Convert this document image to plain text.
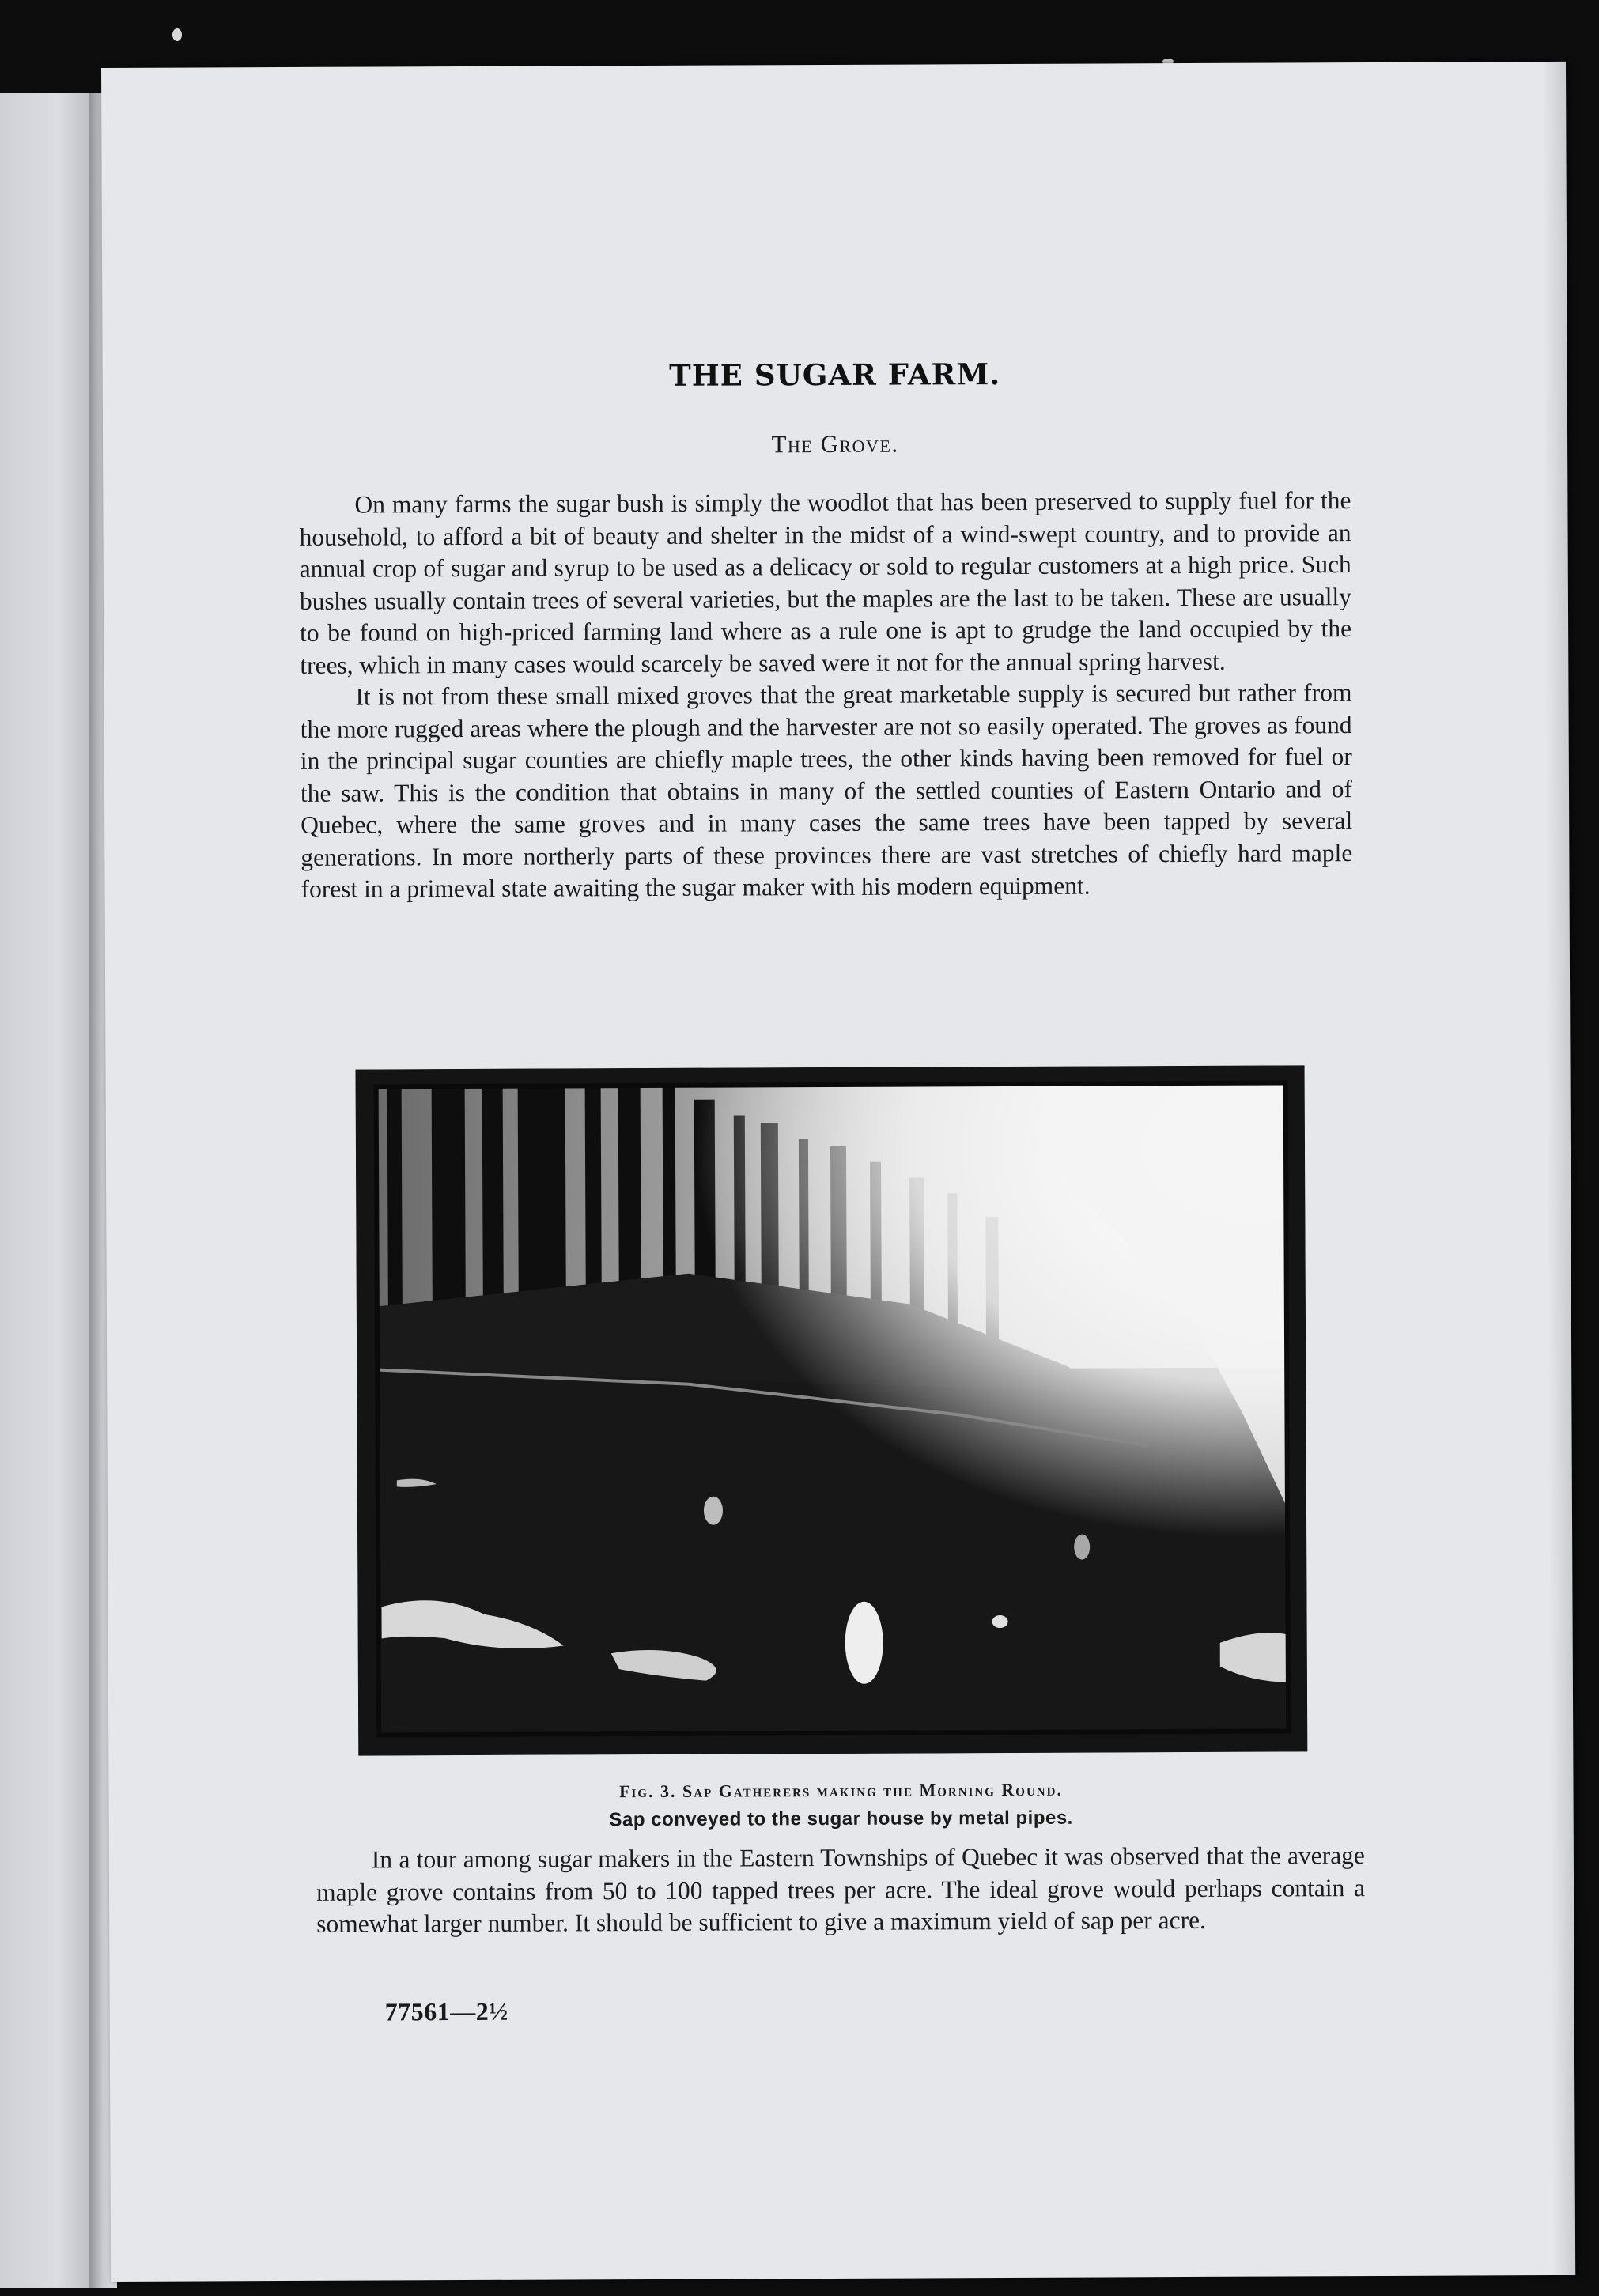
THE SUGAR FARM.
The Grove.

On many farms the sugar bush is simply the woodlot that has been preserved to supply fuel for the household, to afford a bit of beauty and shelter in the midst of a wind-swept country, and to provide an annual crop of sugar and syrup to be used as a delicacy or sold to regular customers at a high price. Such bushes usually contain trees of several varieties, but the maples are the last to be taken. These are usually to be found on high-priced farming land where as a rule one is apt to grudge the land occupied by the trees, which in many cases would scarcely be saved were it not for the annual spring harvest.

It is not from these small mixed groves that the great marketable supply is secured but rather from the more rugged areas where the plough and the harvester are not so easily operated. The groves as found in the principal sugar counties are chiefly maple trees, the other kinds having been removed for fuel or the saw. This is the condition that obtains in many of the settled counties of Eastern Ontario and of Quebec, where the same groves and in many cases the same trees have been tapped by several generations. In more northerly parts of these provinces there are vast stretches of chiefly hard maple forest in a primeval state awaiting the sugar maker with his modern equipment.

Fig. 3. Sap Gatherers making the Morning Round.
Sap conveyed to the sugar house by metal pipes.

In a tour among sugar makers in the Eastern Townships of Quebec it was observed that the average maple grove contains from 50 to 100 tapped trees per acre. The ideal grove would perhaps contain a somewhat larger number. It should be sufficient to give a maximum yield of sap per acre.

77561—2½
